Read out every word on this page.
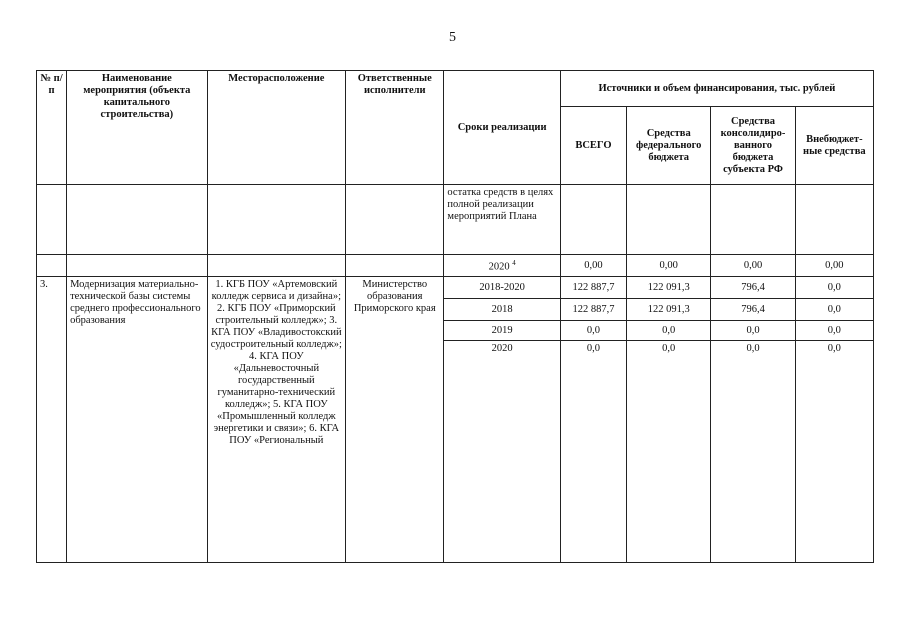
5
№ п/п	Наименование мероприятия (объекта капитального строительства)	Месторасположение	Ответственные исполнители	Сроки реализации	Источники и объем финансирования, тыс. рублей			
					ВСЕГО	Средства федерального бюджета	Средства консолидиро-ванного бюджета субъекта РФ	Внебюджет-ные средства
				остатка средств в целях полной реализации мероприятий Плана				
				2020 $^4$	0,00	0,00	0,00	0,00
3.	Модернизация материально-технической базы системы среднего профессионального образования	1. КГБ ПОУ «Артемовский колледж сервиса и дизайна»; 2. КГБ ПОУ «Приморский строительный колледж»; 3. КГА ПОУ «Владивостокский судостроительный колледж»; 4. КГА ПОУ «Дальневосточный государственный гуманитарно-технический колледж»; 5. КГА ПОУ «Промышленный колледж энергетики и связи»; 6. КГА ПОУ «Региональный	Министерство образования Приморского края	2018-2020	122 887,7	122 091,3	796,4	0,0
				2018	122 887,7	122 091,3	796,4	0,0
				2019	0,0	0,0	0,0	0,0
				2020	0,0	0,0	0,0	0,0
